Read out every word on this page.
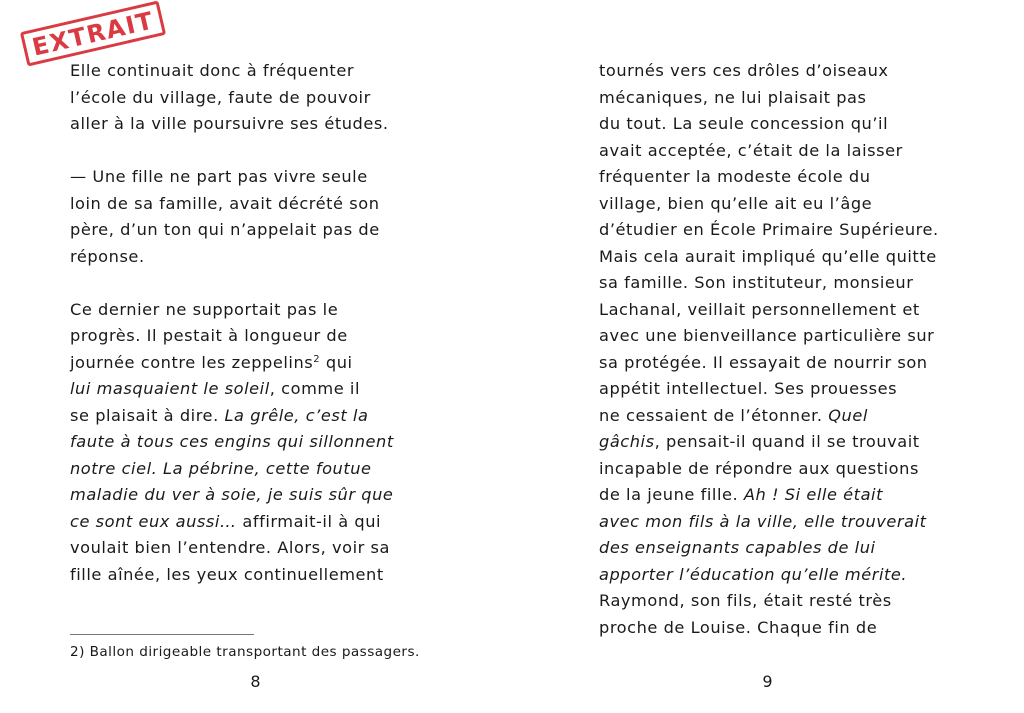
EXTRAIT
Elle continuait donc à fréquenter
l’école du village, faute de pouvoir
aller à la ville poursuivre ses études.
— Une fille ne part pas vivre seule
loin de sa famille, avait décrété son
père, d’un ton qui n’appelait pas de
réponse.
Ce dernier ne supportait pas le
progrès. Il pestait à longueur de
journée contre les zeppelins$^2$ qui
lui masquaient le soleil, comme il
se plaisait à dire. La grêle, c’est la
faute à tous ces engins qui sillonnent
notre ciel. La pébrine, cette foutue
maladie du ver à soie, je suis sûr que
ce sont eux aussi… affirmait-il à qui
voulait bien l’entendre. Alors, voir sa
fille aînée, les yeux continuellement
2) Ballon dirigeable transportant des passagers.
8
tournés vers ces drôles d’oiseaux
mécaniques, ne lui plaisait pas
du tout. La seule concession qu’il
avait acceptée, c’était de la laisser
fréquenter la modeste école du
village, bien qu’elle ait eu l’âge
d’étudier en École Primaire Supérieure.
Mais cela aurait impliqué qu’elle quitte
sa famille. Son instituteur, monsieur
Lachanal, veillait personnellement et
avec une bienveillance particulière sur
sa protégée. Il essayait de nourrir son
appétit intellectuel. Ses prouesses
ne cessaient de l’étonner. Quel
gâchis, pensait-il quand il se trouvait
incapable de répondre aux questions
de la jeune fille. Ah ! Si elle était
avec mon fils à la ville, elle trouverait
des enseignants capables de lui
apporter l’éducation qu’elle mérite.
Raymond, son fils, était resté très
proche de Louise. Chaque fin de
9
